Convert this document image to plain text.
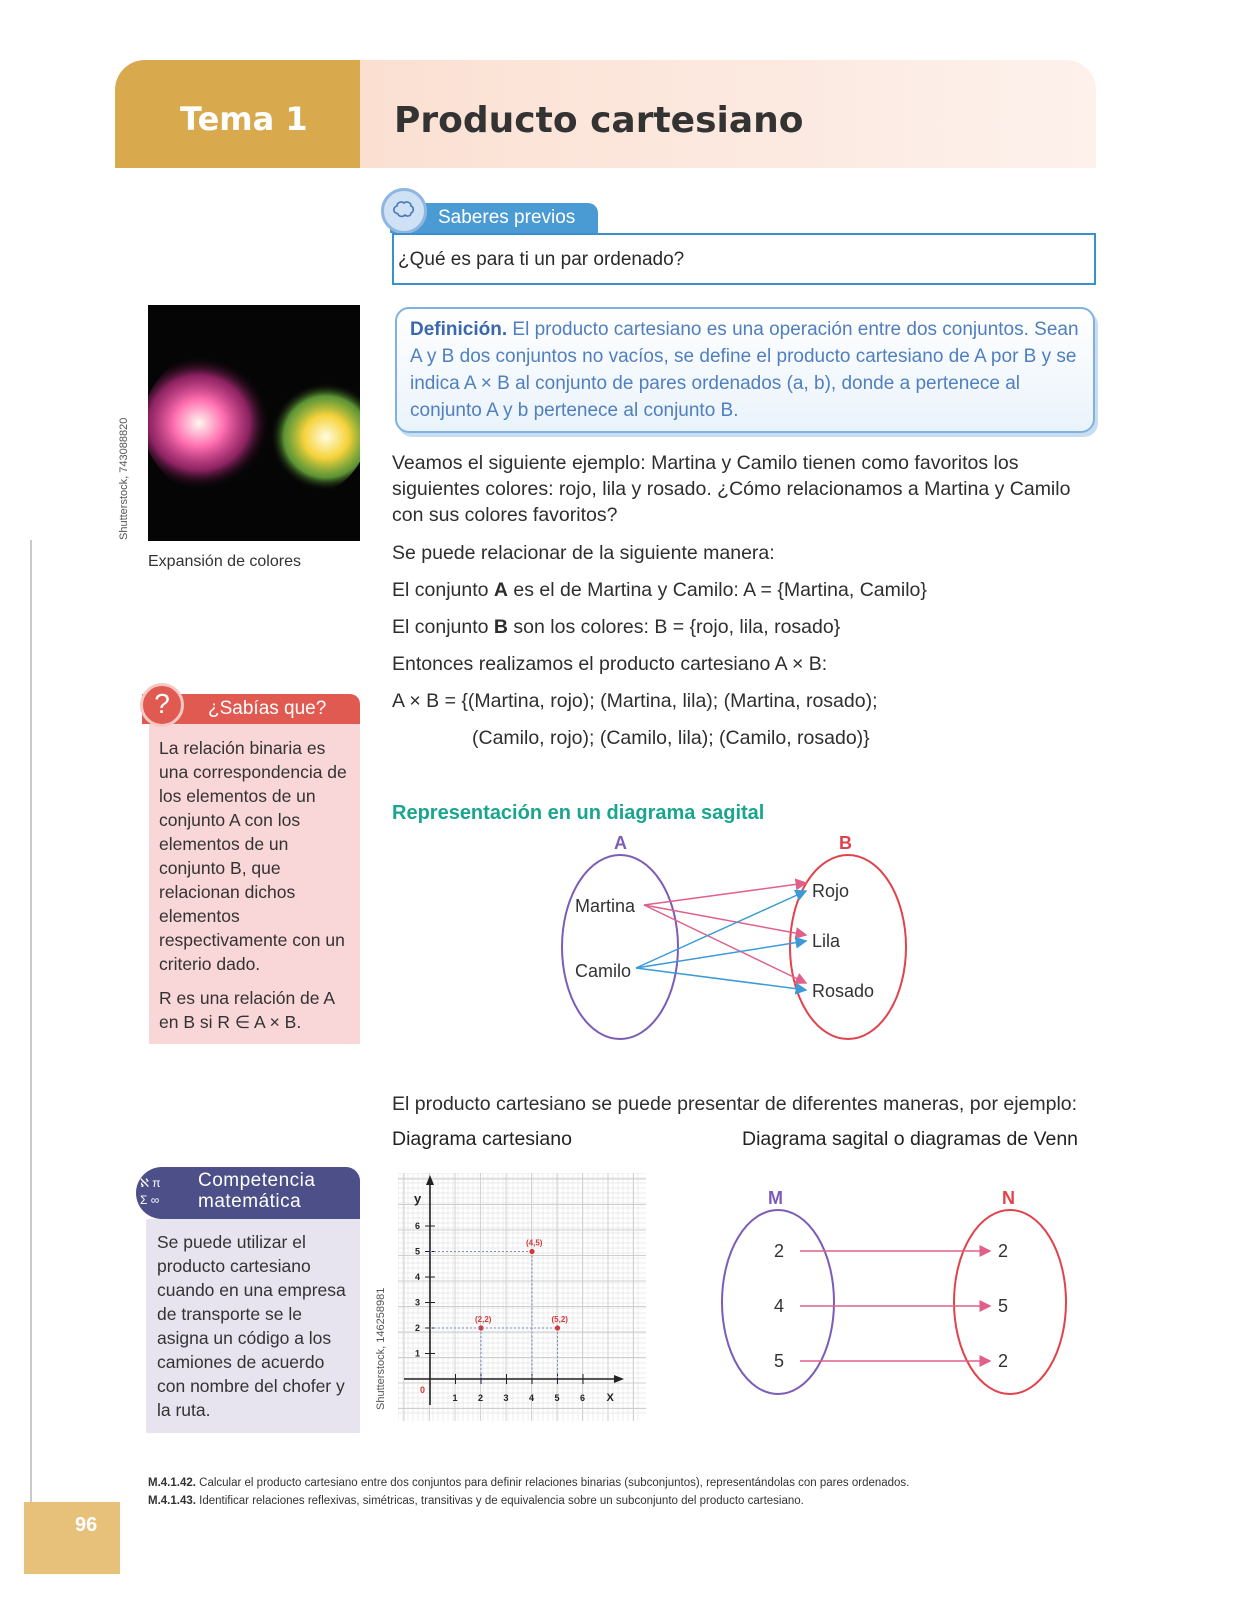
Tema 1 Producto cartesiano
Saberes previos
¿Qué es para ti un par ordenado?
Definición. El producto cartesiano es una operación entre dos conjuntos. Sean A y B dos conjuntos no vacíos, se define el producto cartesiano de A por B y se indica A × B al conjunto de pares ordenados (a, b), donde a pertenece al conjunto A y b pertenece al conjunto B.
Shutterstock, 743088820
Expansión de colores
Veamos el siguiente ejemplo: Martina y Camilo tienen como favoritos los siguientes colores: rojo, lila y rosado. ¿Cómo relacionamos a Martina y Camilo con sus colores favoritos?
Se puede relacionar de la siguiente manera:
El conjunto A es el de Martina y Camilo: A = {Martina, Camilo}
El conjunto B son los colores: B = {rojo, lila, rosado}
Entonces realizamos el producto cartesiano A × B:
A × B = {(Martina, rojo); (Martina, lila); (Martina, rosado);
(Camilo, rojo); (Camilo, lila); (Camilo, rosado)}
Representación en un diagrama sagital
A	B
Martina
Camilo
Rojo
Lila
Rosado
El producto cartesiano se puede presentar de diferentes maneras, por ejemplo:
Diagrama cartesiano	Diagrama sagital o diagramas de Venn
y
X
0
1 2 3 4 5 6
1
2
3
4
5
6
(2,2)
(4,5)
(5,2)
Shutterstock, 146258981
M	N
2
4
5
2
5
2
¿Sabías que?
?
La relación binaria es una correspondencia de los elementos de un conjunto A con los elementos de un conjunto B, que relacionan dichos elementos respectivamente con un criterio dado.
R es una relación de A en B si R ∈ A × B.
Competencia
matemática
ℵ π
Σ ∞
Se puede utilizar el producto cartesiano cuando en una empresa de transporte se le asigna un código a los camiones de acuerdo con nombre del chofer y la ruta.
M.4.1.42. Calcular el producto cartesiano entre dos conjuntos para definir relaciones binarias (subconjuntos), representándolas con pares ordenados.
M.4.1.43. Identificar relaciones reflexivas, simétricas, transitivas y de equivalencia sobre un subconjunto del producto cartesiano.
96
